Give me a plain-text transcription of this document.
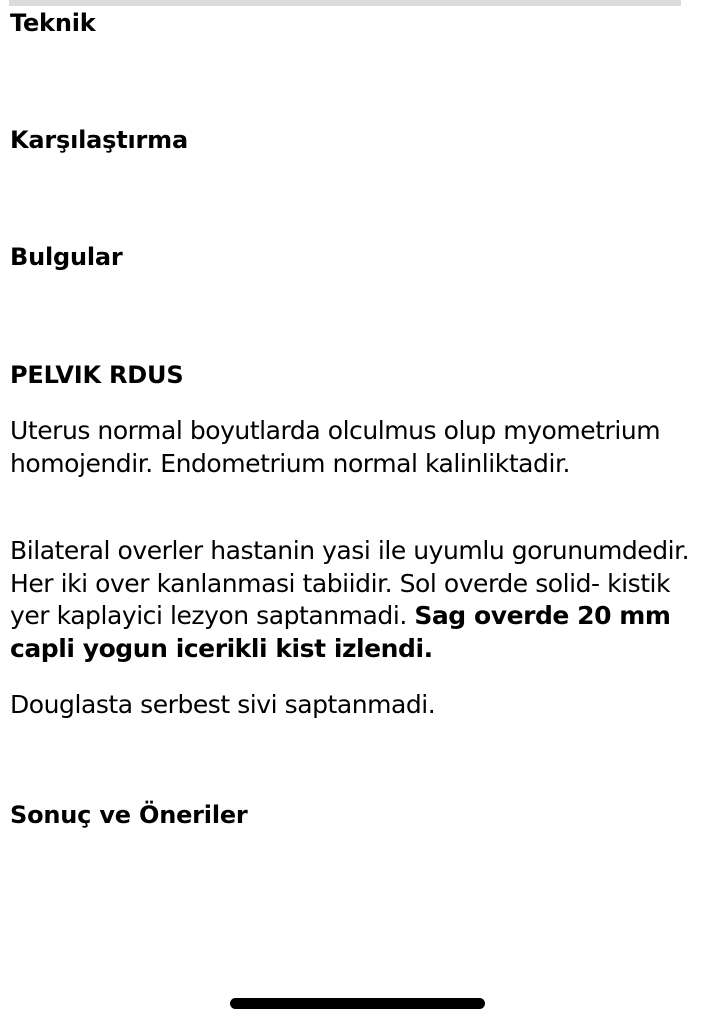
Teknik
Karşılaştırma
Bulgular
PELVIK RDUS
Uterus normal boyutlarda olculmus olup myometrium homojendir. Endometrium normal kalinliktadir.
Bilateral overler hastanin yasi ile uyumlu gorunumdedir. Her iki over kanlanmasi tabiidir. Sol overde solid- kistik yer kaplayici lezyon saptanmadi. Sag overde 20 mm capli yogun icerikli kist izlendi.
Douglasta serbest sivi saptanmadi.
Sonuç ve Öneriler
